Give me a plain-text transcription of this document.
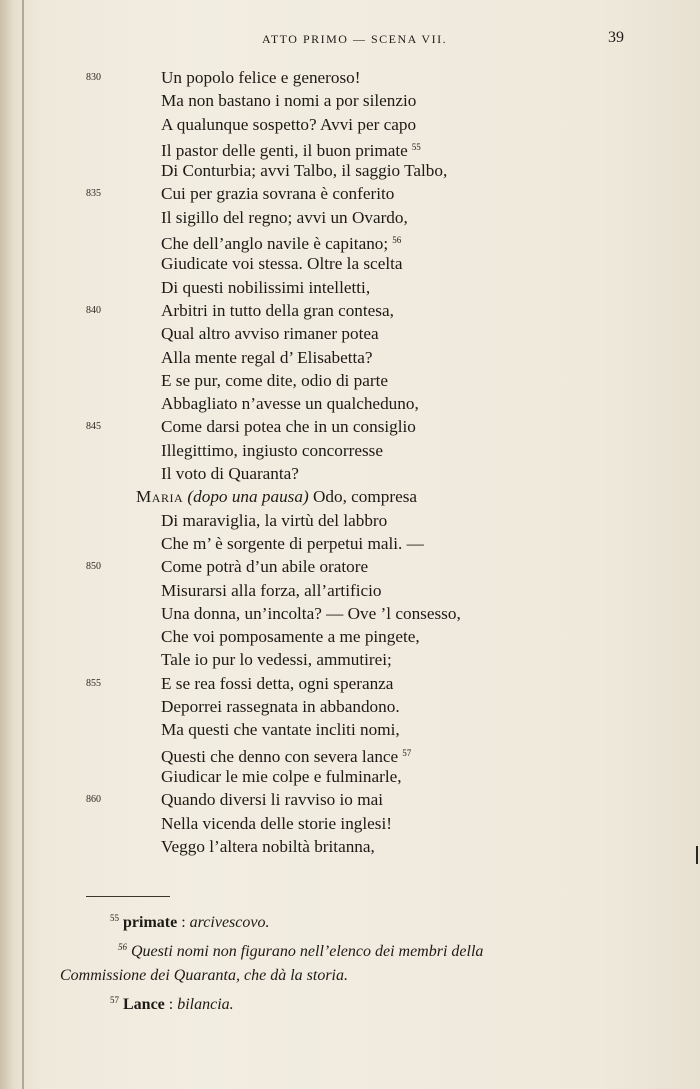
ATTO PRIMO — SCENA VII.	39
830	Un popolo felice e generoso!
Ma non bastano i nomi a por silenzio
A qualunque sospetto? Avvi per capo
Il pastor delle genti, il buon primate $^{55}$
Di Conturbia; avvi Talbo, il saggio Talbo,
835	Cui per grazia sovrana è conferito
Il sigillo del regno; avvi un Ovardo,
Che dell’anglo navile è capitano; $^{56}$
Giudicate voi stessa. Oltre la scelta
Di questi nobilissimi intelletti,
840	Arbitri in tutto della gran contesa,
Qual altro avviso rimaner potea
Alla mente regal d’ Elisabetta?
E se pur, come dite, odio di parte
Abbagliato n’avesse un qualcheduno,
845	Come darsi potea che in un consiglio
Illegittimo, ingiusto concorresse
Il voto di Quaranta?
Maria (dopo una pausa) Odo, compresa
Di maraviglia, la virtù del labbro
Che m’ è sorgente di perpetui mali. —
850	Come potrà d’un abile oratore
Misurarsi alla forza, all’artificio
Una donna, un’incolta? — Ove ’l consesso,
Che voi pomposamente a me pingete,
Tale io pur lo vedessi, ammutirei;
855	E se rea fossi detta, ogni speranza
Deporrei rassegnata in abbandono.
Ma questi che vantate incliti nomi,
Questi che denno con severa lance $^{57}$
Giudicar le mie colpe e fulminarle,
860	Quando diversi li ravviso io mai
Nella vicenda delle storie inglesi!
Veggo l’altera nobiltà britanna,
$^{55}$ primate : arcivescovo.
$^{56}$ Questi nomi non figurano nell’elenco dei membri della
Commissione dei Quaranta, che dà la storia.
$^{57}$ Lance : bilancia.
